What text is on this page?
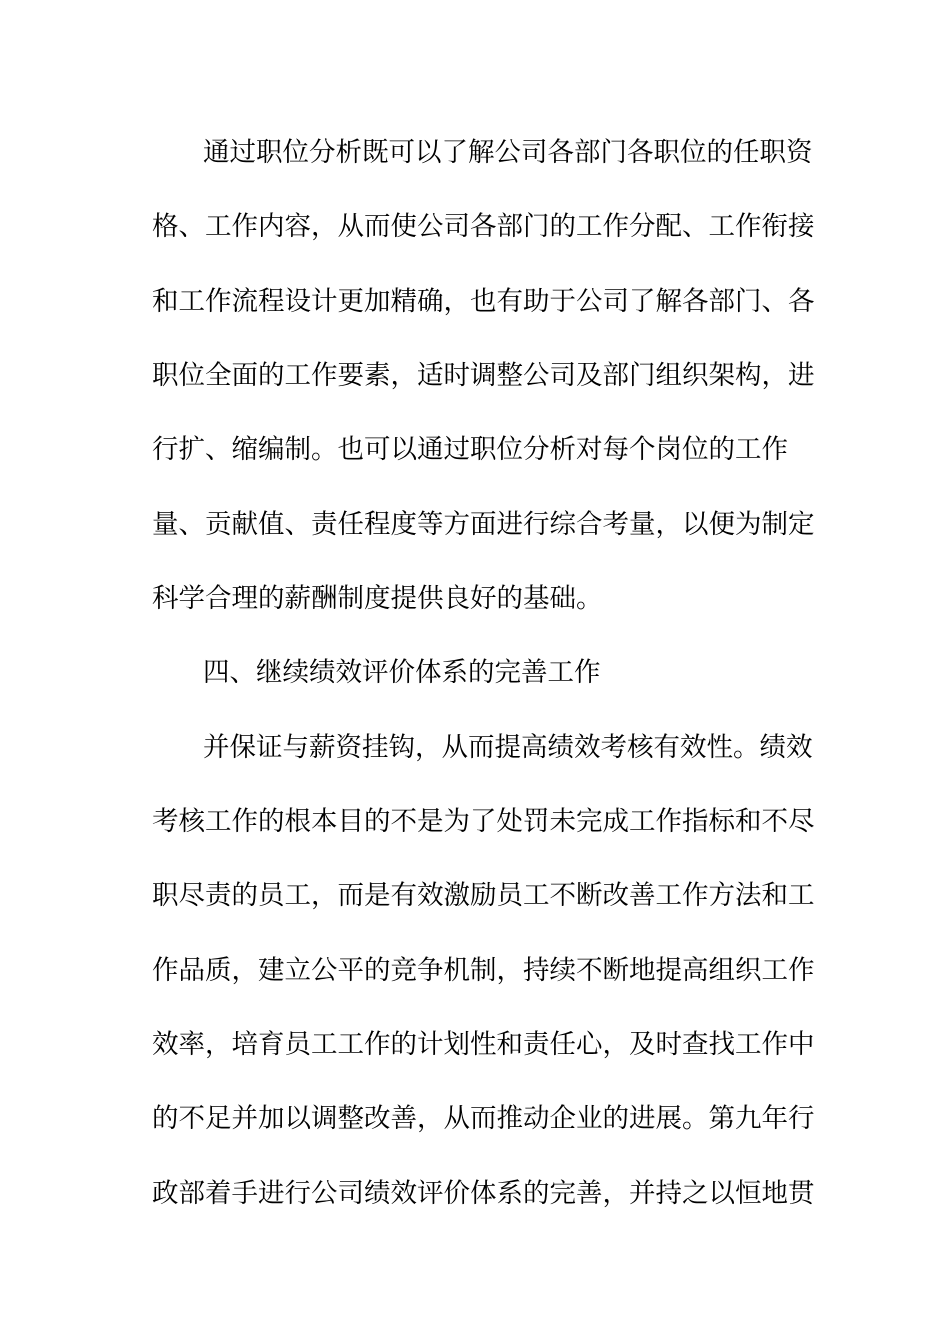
通过职位分析既可以了解公司各部门各职位的任职资
格、工作内容，从而使公司各部门的工作分配、工作衔接
和工作流程设计更加精确，也有助于公司了解各部门、各
职位全面的工作要素，适时调整公司及部门组织架构，进
行扩、缩编制。也可以通过职位分析对每个岗位的工作
量、贡献值、责任程度等方面进行综合考量，以便为制定
科学合理的薪酬制度提供良好的基础。
四、继续绩效评价体系的完善工作
并保证与薪资挂钩，从而提高绩效考核有效性。绩效
考核工作的根本目的不是为了处罚未完成工作指标和不尽
职尽责的员工，而是有效激励员工不断改善工作方法和工
作品质，建立公平的竞争机制，持续不断地提高组织工作
效率，培育员工工作的计划性和责任心，及时查找工作中
的不足并加以调整改善，从而推动企业的进展。第九年行
政部着手进行公司绩效评价体系的完善，并持之以恒地贯
